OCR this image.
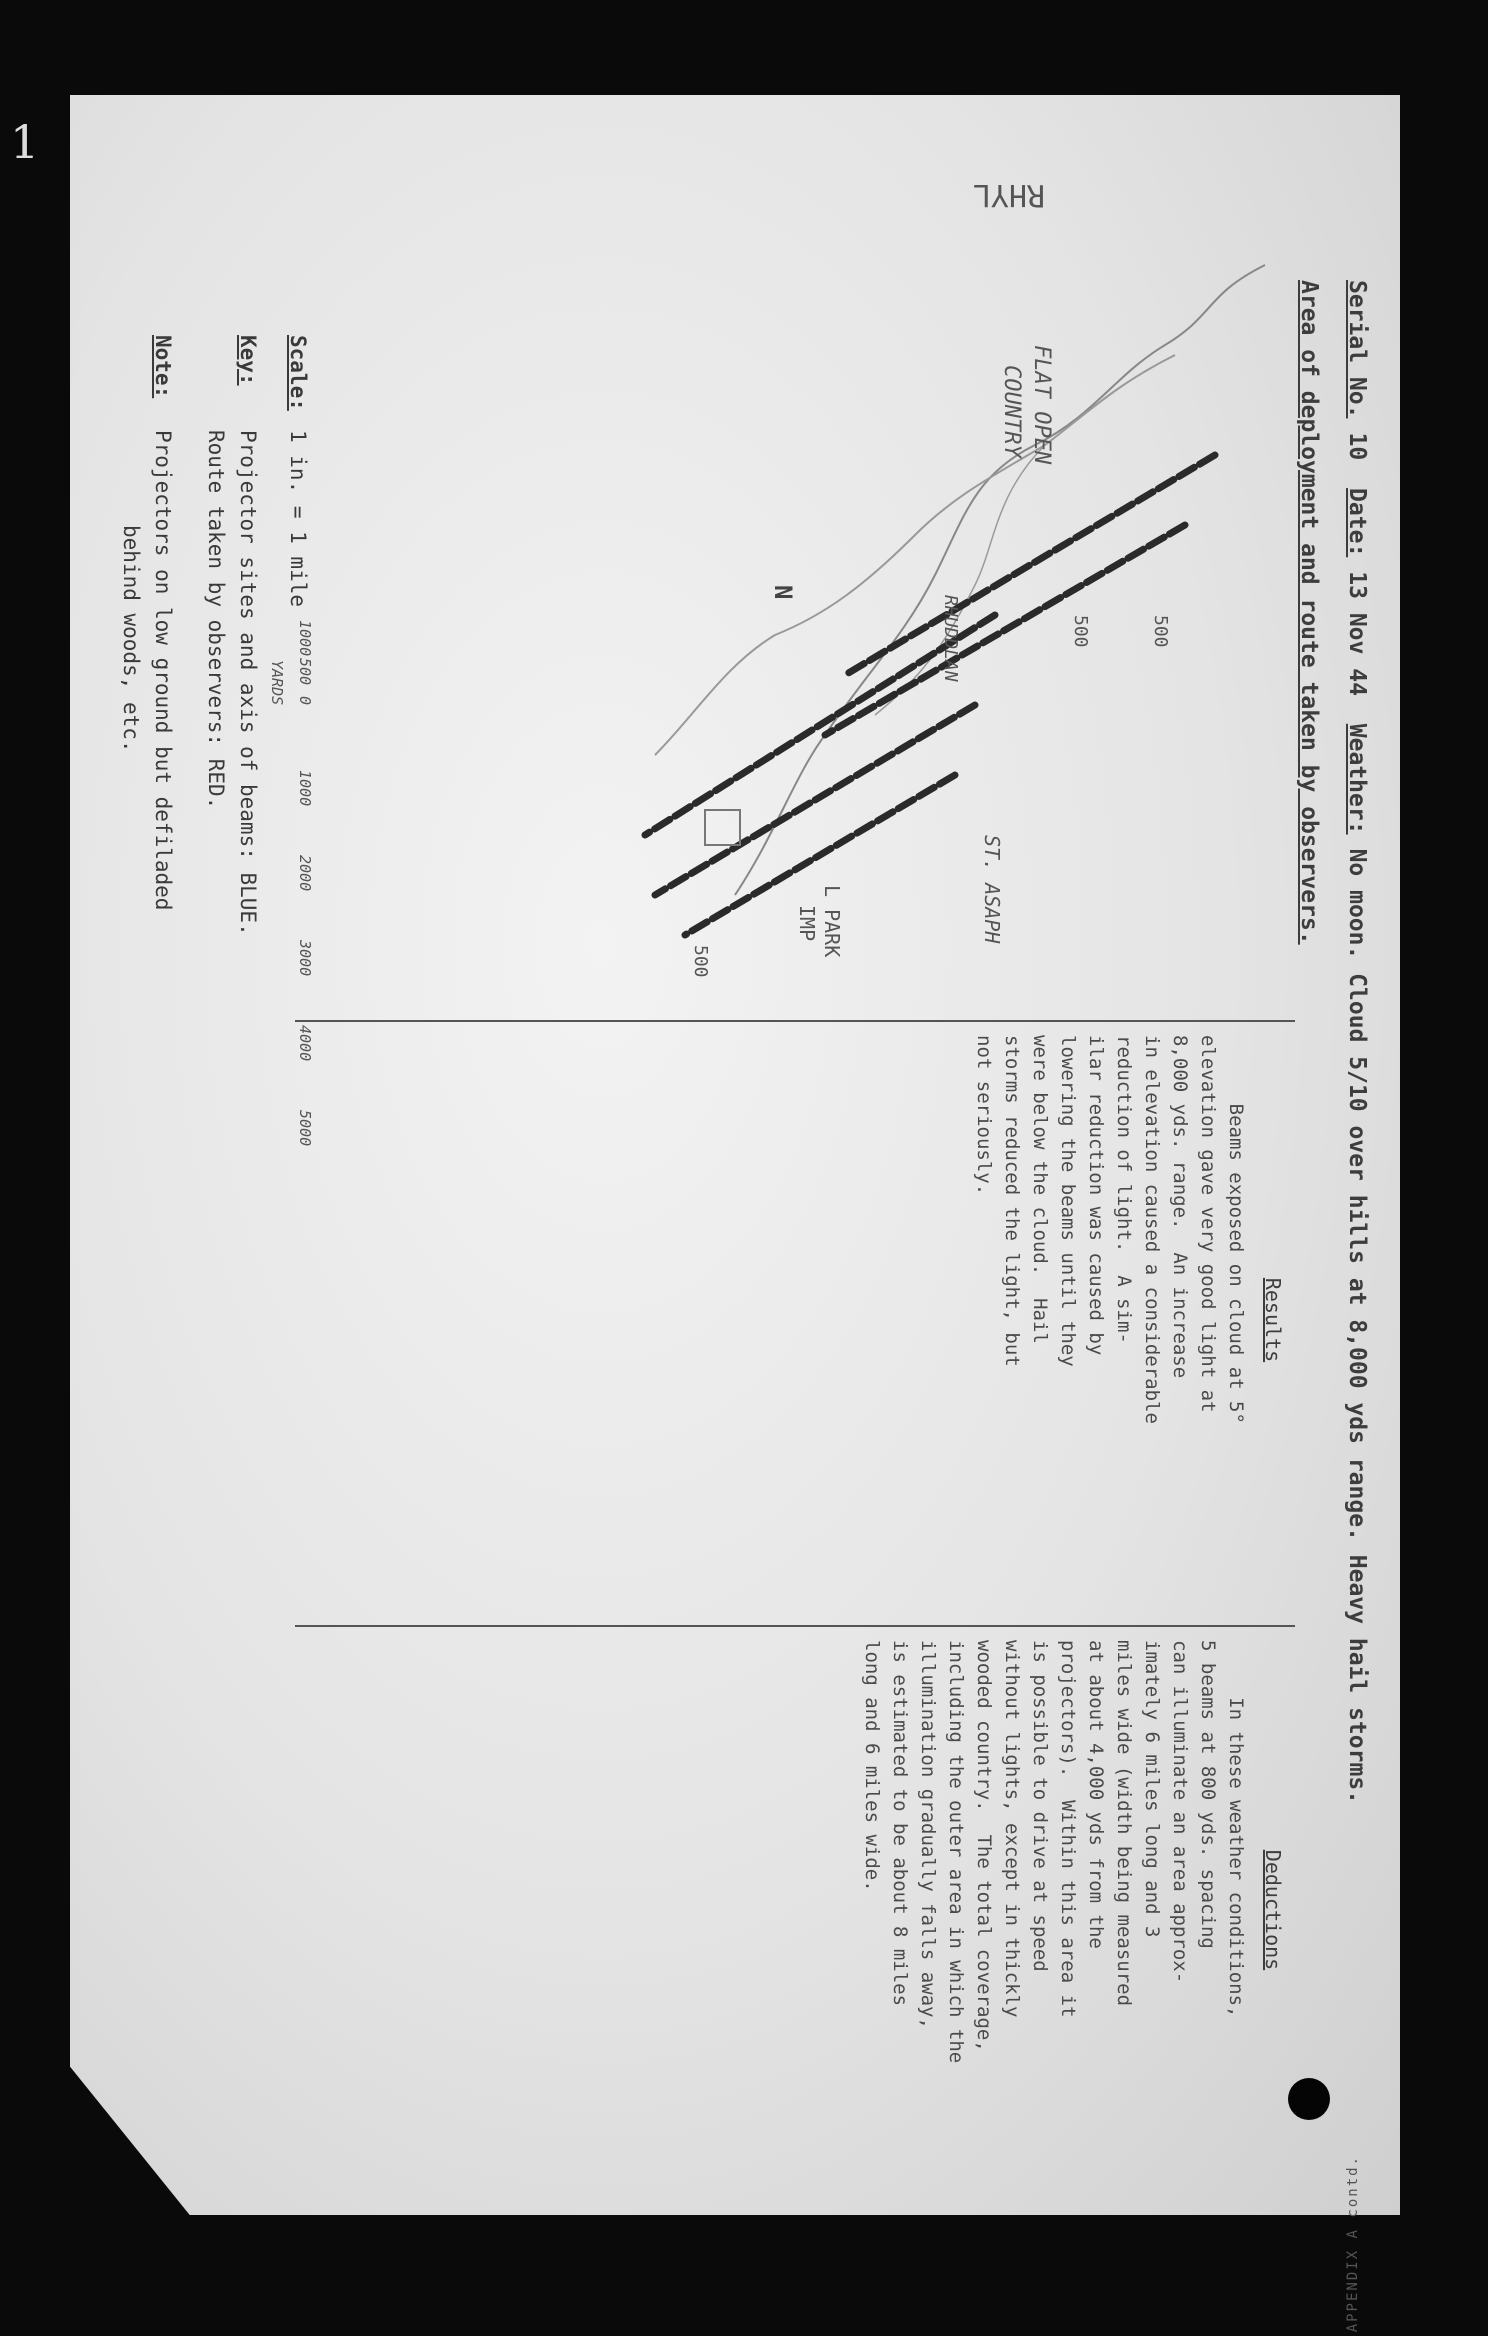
1
Serial No.10 Date:13 Nov 44 Weather:No moon. Cloud 5/10 over hills at 8,000 yds range. Heavy hail storms.
Area of deployment and route taken by observers.
RHYL
FLAT OPEN
COUNTRY
RHUDDLAN
ST. ASAPH
L PARK
IMP
500
500
500
N
1000
500
0
1000
2000
3000
4000
5000
YARDS
Scale:1 in. = 1 mile
Key:Projector sites and axis of beams: BLUE.
Route taken by observers: RED.
Note:Projectors on low ground but defiladed
behind woods, etc.
Results
Beams exposed on cloud at 5°
elevation gave very good light at
8,000 yds. range.  An increase
in elevation caused a considerable
reduction of light.  A sim-
ilar reduction was caused by
lowering the beams until they
were below the cloud.  Hail
storms reduced the light, but
not seriously.
Deductions
In these weather conditions,
5 beams at 800 yds. spacing
can illuminate an area approx-
imately 6 miles long and 3
miles wide (width being measured
at about 4,000 yds from the
projectors).  Within this area it
is possible to drive at speed
without lights, except in thickly
wooded country.  The total coverage,
including the outer area in which the
illumination gradually falls away,
is estimated to be about 8 miles
long and 6 miles wide.
APPENDIX A contd.
